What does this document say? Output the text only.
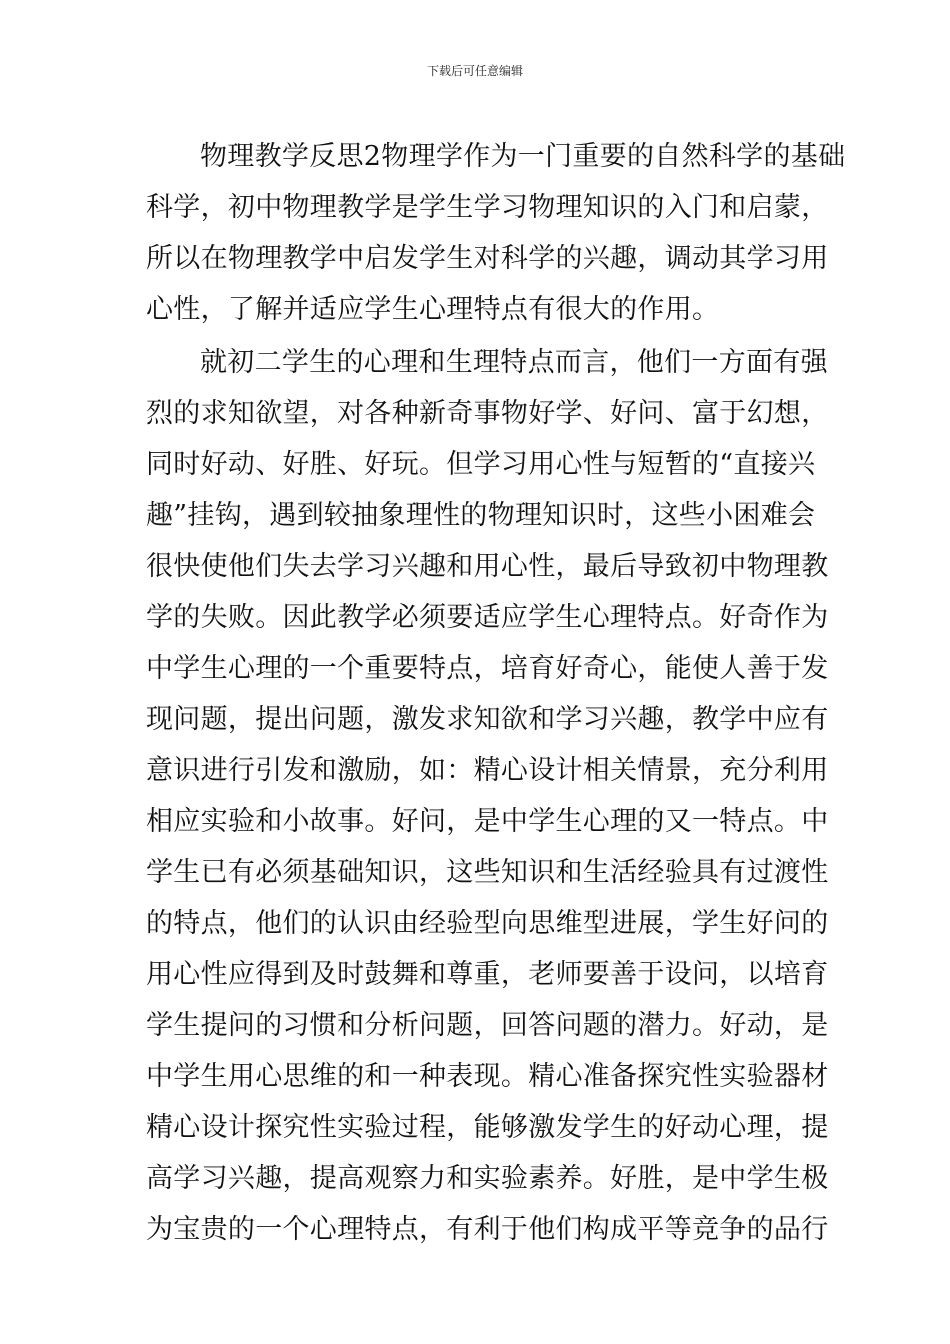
下载后可任意编辑
物理教学反思2物理学作为一门重要的自然科学的基础
科学，初中物理教学是学生学习物理知识的入门和启蒙，
所以在物理教学中启发学生对科学的兴趣，调动其学习用
心性，了解并适应学生心理特点有很大的作用。
就初二学生的心理和生理特点而言，他们一方面有强
烈的求知欲望，对各种新奇事物好学、好问、富于幻想，
同时好动、好胜、好玩。但学习用心性与短暂的“直接兴
趣”挂钩，遇到较抽象理性的物理知识时，这些小困难会
很快使他们失去学习兴趣和用心性，最后导致初中物理教
学的失败。因此教学必须要适应学生心理特点。好奇作为
中学生心理的一个重要特点，培育好奇心，能使人善于发
现问题，提出问题，激发求知欲和学习兴趣，教学中应有
意识进行引发和激励，如：精心设计相关情景，充分利用
相应实验和小故事。好问，是中学生心理的又一特点。中
学生已有必须基础知识，这些知识和生活经验具有过渡性
的特点，他们的认识由经验型向思维型进展，学生好问的
用心性应得到及时鼓舞和尊重，老师要善于设问，以培育
学生提问的习惯和分析问题，回答问题的潜力。好动，是
中学生用心思维的和一种表现。精心准备探究性实验器材
精心设计探究性实验过程，能够激发学生的好动心理，提
高学习兴趣，提高观察力和实验素养。好胜，是中学生极
为宝贵的一个心理特点，有利于他们构成平等竞争的品行
